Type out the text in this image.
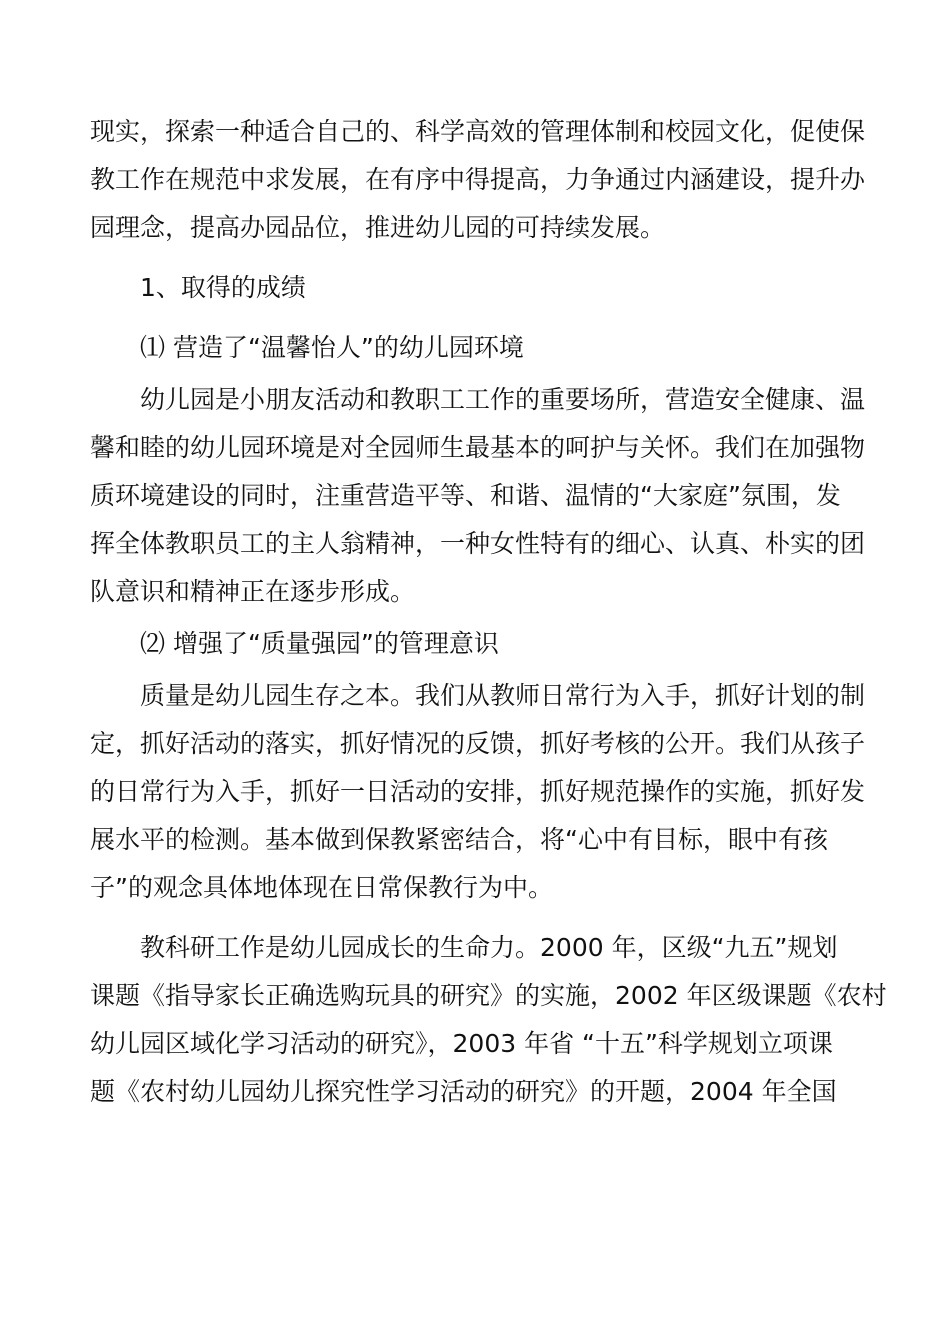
现实，探索一种适合自己的、科学高效的管理体制和校园文化，促使保
教工作在规范中求发展，在有序中得提高，力争通过内涵建设，提升办
园理念，提高办园品位，推进幼儿园的可持续发展。
1、取得的成绩
⑴ 营造了“温馨怡人”的幼儿园环境
幼儿园是小朋友活动和教职工工作的重要场所，营造安全健康、温
馨和睦的幼儿园环境是对全园师生最基本的呵护与关怀。我们在加强物
质环境建设的同时，注重营造平等、和谐、温情的“大家庭”氛围，发
挥全体教职员工的主人翁精神，一种女性特有的细心、认真、朴实的团
队意识和精神正在逐步形成。
⑵ 增强了“质量强园”的管理意识
质量是幼儿园生存之本。我们从教师日常行为入手，抓好计划的制
定，抓好活动的落实，抓好情况的反馈，抓好考核的公开。我们从孩子
的日常行为入手，抓好一日活动的安排，抓好规范操作的实施，抓好发
展水平的检测。基本做到保教紧密结合，将“心中有目标，眼中有孩
子”的观念具体地体现在日常保教行为中。
教科研工作是幼儿园成长的生命力。2000 年，区级“九五”规划
课题《指导家长正确选购玩具的研究》的实施，2002 年区级课题《农村
幼儿园区域化学习活动的研究》，2003 年省 “十五”科学规划立项课
题《农村幼儿园幼儿探究性学习活动的研究》的开题，2004 年全国
